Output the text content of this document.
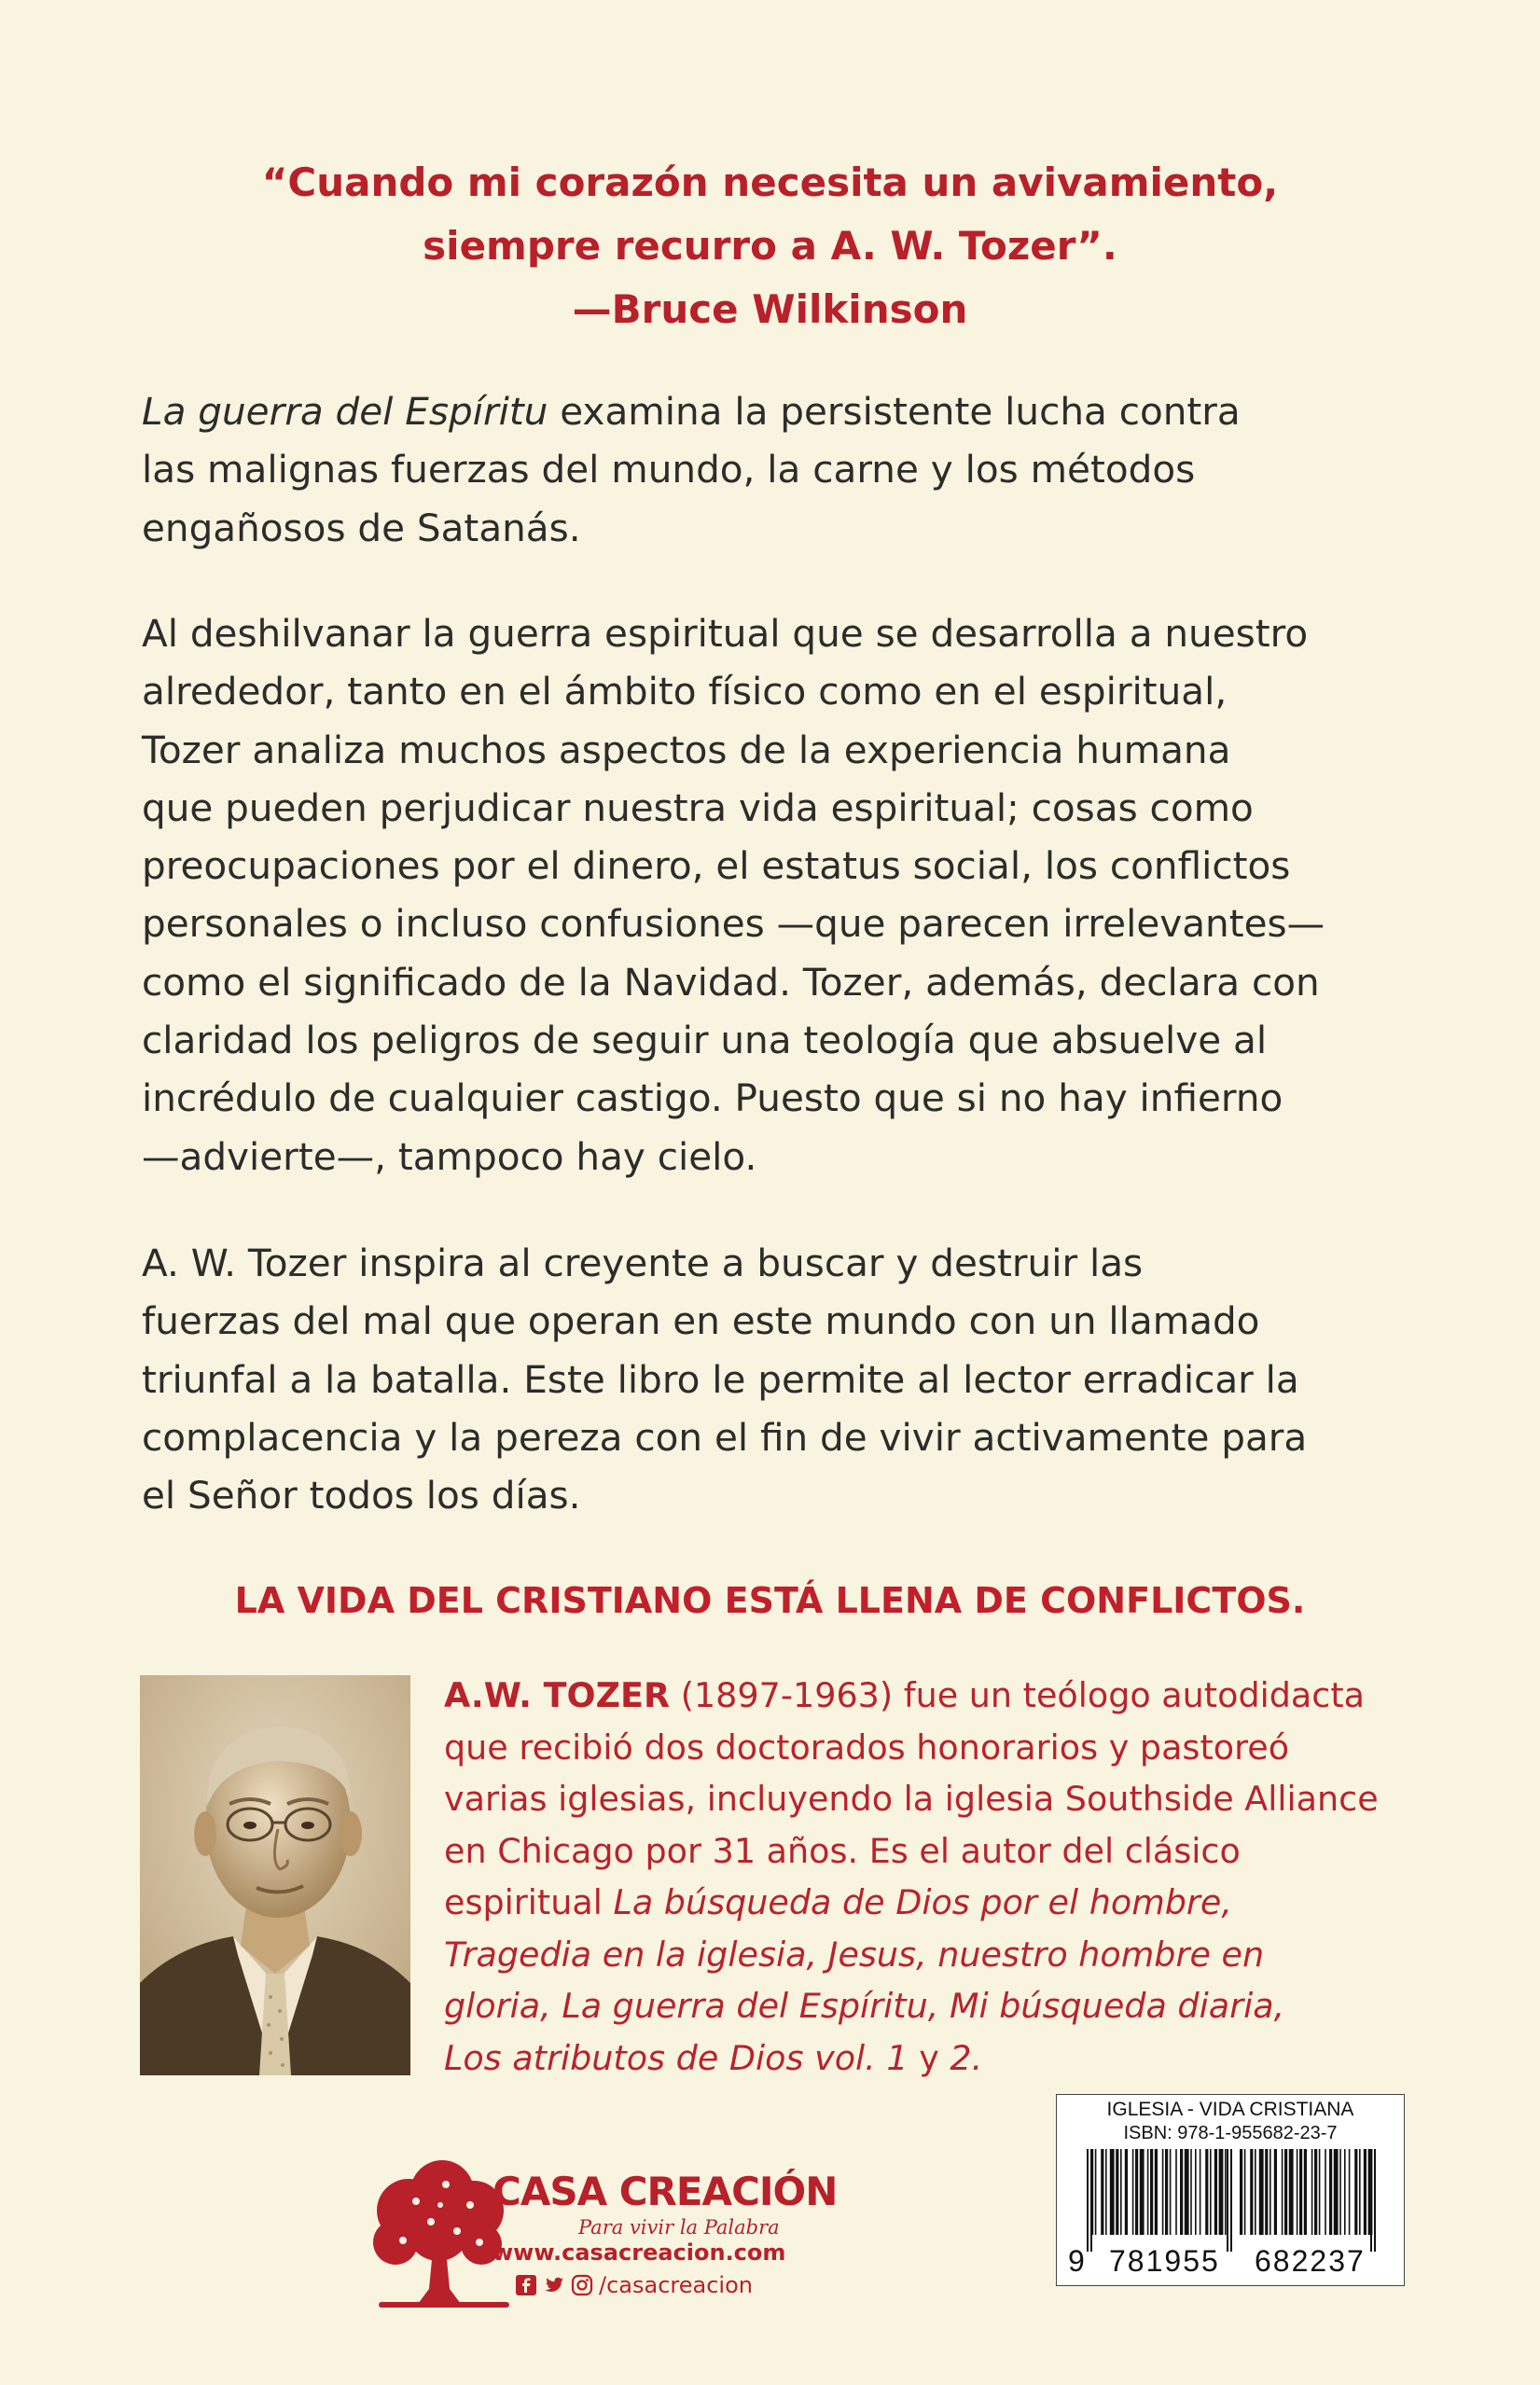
“Cuando mi corazón necesita un avivamiento,
siempre recurro a A. W. Tozer”.
—Bruce Wilkinson
La guerra del Espíritu examina la persistente lucha contra
las malignas fuerzas del mundo, la carne y los métodos
engañosos de Satanás.
Al deshilvanar la guerra espiritual que se desarrolla a nuestro
alrededor, tanto en el ámbito físico como en el espiritual,
Tozer analiza muchos aspectos de la experiencia humana
que pueden perjudicar nuestra vida espiritual; cosas como
preocupaciones por el dinero, el estatus social, los conflictos
personales o incluso confusiones —que parecen irrelevantes—
como el significado de la Navidad. Tozer, además, declara con
claridad los peligros de seguir una teología que absuelve al
incrédulo de cualquier castigo. Puesto que si no hay infierno
—advierte—, tampoco hay cielo.
A. W. Tozer inspira al creyente a buscar y destruir las
fuerzas del mal que operan en este mundo con un llamado
triunfal a la batalla. Este libro le permite al lector erradicar la
complacencia y la pereza con el fin de vivir activamente para
el Señor todos los días.
LA VIDA DEL CRISTIANO ESTÁ LLENA DE CONFLICTOS.
A.W. TOZER (1897-1963) fue un teólogo autodidacta
que recibió dos doctorados honorarios y pastoreó
varias iglesias, incluyendo la iglesia Southside Alliance
en Chicago por 31 años. Es el autor del clásico
espiritual La búsqueda de Dios por el hombre,
Tragedia en la iglesia, Jesus, nuestro hombre en
gloria, La guerra del Espíritu, Mi búsqueda diaria,
Los atributos de Dios vol. 1 y 2.
CASA CREACIÓN
Para vivir la Palabra
www.casacreacion.com
/casacreacion
IGLESIA - VIDA CRISTIANA
ISBN: 978-1-955682-23-7
9 781955 682237
